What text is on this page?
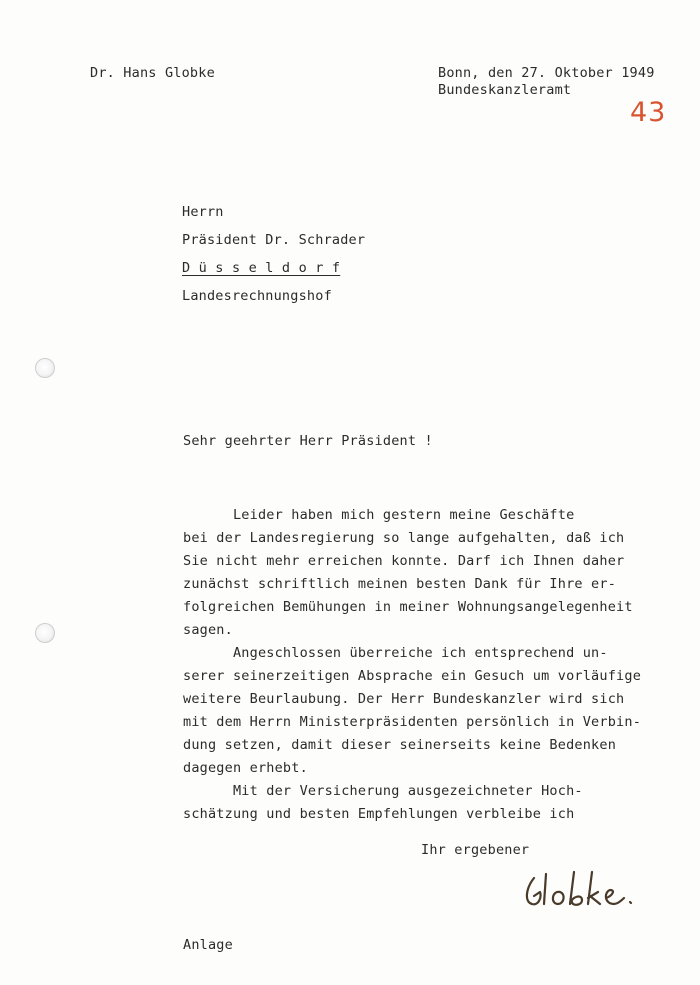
Dr. Hans Globke	Bonn, den 27. Oktober 1949
Bundeskanzleramt
43
Herrn
Präsident Dr. Schrader
D ü s s e l d o r f
Landesrechnungshof
Sehr geehrter Herr Präsident !
Leider haben mich gestern meine Geschäfte
bei der Landesregierung so lange aufgehalten, daß ich
Sie nicht mehr erreichen konnte. Darf ich Ihnen daher
zunächst schriftlich meinen besten Dank für Ihre er-
folgreichen Bemühungen in meiner Wohnungsangelegenheit
sagen.
Angeschlossen überreiche ich entsprechend un-
serer seinerzeitigen Absprache ein Gesuch um vorläufige
weitere Beurlaubung. Der Herr Bundeskanzler wird sich
mit dem Herrn Ministerpräsidenten persönlich in Verbin-
dung setzen, damit dieser seinerseits keine Bedenken
dagegen erhebt.
Mit der Versicherung ausgezeichneter Hoch-
schätzung und besten Empfehlungen verbleibe ich
Ihr ergebener
Anlage
